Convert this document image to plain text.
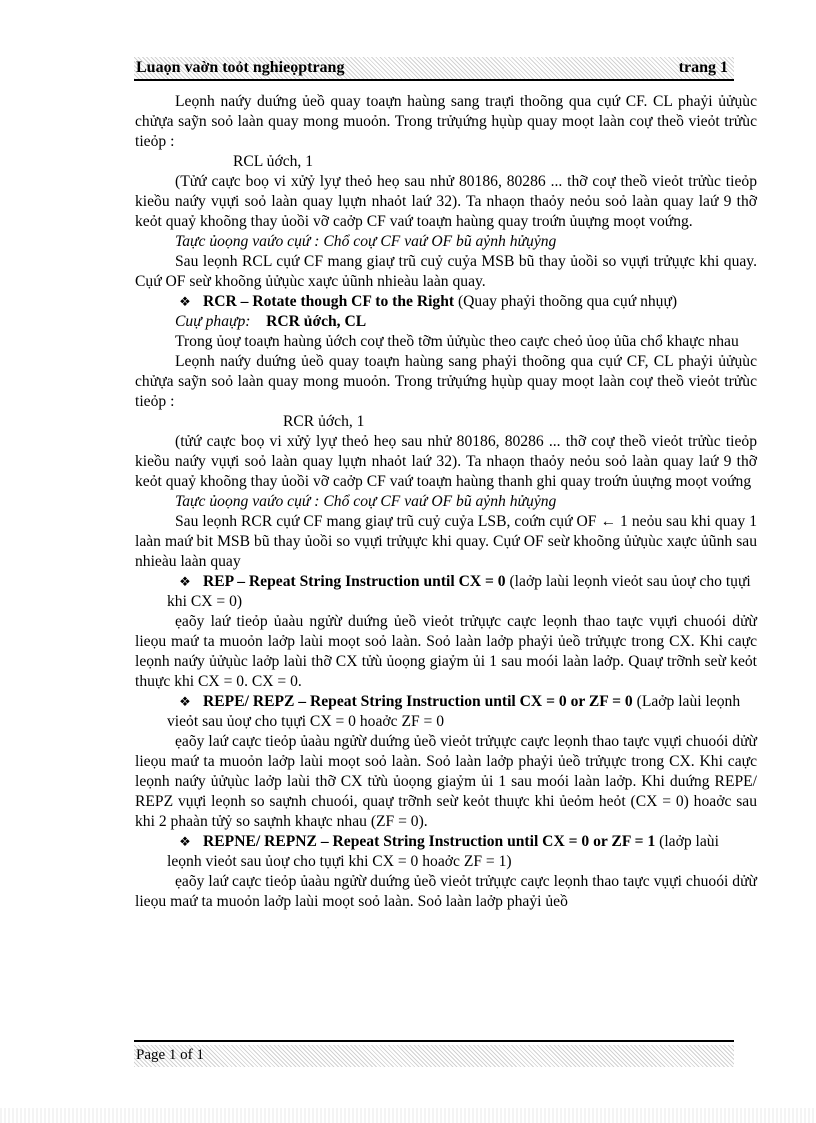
Luaọn vaờn toỏt nghieọptrang	trang 1

Leọnh naứy duứng ủeồ quay toaựn haùng sang traựi thoõng qua cụứ CF. CL phaỷi ủửụùc chửựa saỹn soỏ laàn quay mong muoỏn. Trong trửụứng hụùp quay moọt laàn coự theồ vieỏt trửùc tieỏp :

RCL ủớch, 1

(Tửứ caực boọ vi xửỷ lyự theỏ heọ sau nhử 80186, 80286 ... thỡ coự theồ vieỏt trửùc tieỏp kieồu naứy vụựi soỏ laàn quay lụựn nhaỏt laứ 32). Ta nhaọn thaỏy neỏu soỏ laàn quay laứ 9 thỡ keỏt quaỷ khoõng thay ủoồi vỡ caởp CF vaứ toaựn haùng quay troứn ủuựng moọt voứng.

Taực ủoọng vaứo cụứ : Chổ coự CF vaứ OF bũ aỷnh hửụỷng

Sau leọnh RCL cụứ CF mang giaự trũ cuỷ cuỷa MSB bũ thay ủoồi so vụựi trửụực khi quay. Cụứ OF seừ khoõng ủửụùc xaực ủũnh nhieàu laàn quay.

❖ RCR – Rotate though CF to the Right (Quay phaỷi thoõng qua cụứ nhụự)

Cuự phaựp: RCR ủớch, CL

Trong ủoự toaựn haùng ủớch coự theồ tỡm ủửụùc theo caực cheỏ ủoọ ủũa chổ khaực nhau

Leọnh naứy duứng ủeồ quay toaựn haùng sang phaỷi thoõng qua cụứ CF, CL phaỷi ủửụùc chửựa saỹn soỏ laàn quay mong muoỏn. Trong trửụứng hụùp quay moọt laàn coự theồ vieỏt trửùc tieỏp :

RCR ủớch, 1

(tửứ caực boọ vi xửỷ lyự theỏ heọ sau nhử 80186, 80286 ... thỡ coự theồ vieỏt trửùc tieỏp kieồu naứy vụựi soỏ laàn quay lụựn nhaỏt laứ 32). Ta nhaọn thaỏy neỏu soỏ laàn quay laứ 9 thỡ keỏt quaỷ khoõng thay ủoồi vỡ caởp CF vaứ toaựn haùng thanh ghi quay troứn ủuựng moọt voứng

Taực ủoọng vaứo cụứ : Chổ coự CF vaứ OF bũ aỷnh hửụỷng

Sau leọnh RCR cụứ CF mang giaự trũ cuỷ cuỷa LSB, coứn cụứ OF ← 1 neỏu sau khi quay 1 laàn maứ bit MSB bũ thay ủoồi so vụựi trửụực khi quay. Cụứ OF seừ khoõng ủửụùc xaực ủũnh sau nhieàu laàn quay

❖ REP – Repeat String Instruction until CX = 0 (laởp laùi leọnh vieỏt sau ủoự cho tụựi khi CX = 0)

ẹaõy laứ tieỏp ủaàu ngửừ duứng ủeồ vieỏt trửụực caực leọnh thao taực vụựi chuoói dửừ lieọu maứ ta muoỏn laởp laùi moọt soỏ laàn. Soỏ laàn laởp phaỷi ủeồ trửụực trong CX. Khi caực leọnh naứy ủửụùc laởp laùi thỡ CX tửù ủoọng giaỷm ủi 1 sau moói laàn laởp. Quaự trỡnh seừ keỏt thuực khi CX = 0. CX = 0.

❖ REPE/ REPZ – Repeat String Instruction until CX = 0 or ZF = 0 (Laởp laùi leọnh vieỏt sau ủoự cho tụựi CX = 0 hoaởc ZF = 0

ẹaõy laứ caực tieỏp ủaàu ngửừ duứng ủeồ vieỏt trửụực caực leọnh thao taực vụựi chuoói dửừ lieọu maứ ta muoỏn laởp laùi moọt soỏ laàn. Soỏ laàn laởp phaỷi ủeồ trửụực trong CX. Khi caực leọnh naứy ủửụùc laởp laùi thỡ CX tửù ủoọng giaỷm ủi 1 sau moói laàn laởp. Khi duứng REPE/ REPZ vụựi leọnh so saựnh chuoói, quaự trỡnh seừ keỏt thuực khi ủeỏm heỏt (CX = 0) hoaởc sau khi 2 phaàn tửỷ so saựnh khaực nhau (ZF = 0).

❖ REPNE/ REPNZ – Repeat String Instruction until CX = 0 or ZF = 1 (laởp laùi leọnh vieỏt sau ủoự cho tụựi khi CX = 0 hoaởc ZF = 1)

ẹaõy laứ caực tieỏp ủaàu ngửừ duứng ủeồ vieỏt trửụực caực leọnh thao taực vụựi chuoói dửừ lieọu maứ ta muoỏn laởp laùi moọt soỏ laàn. Soỏ laàn laởp phaỷi ủeồ

Page 1 of 1
